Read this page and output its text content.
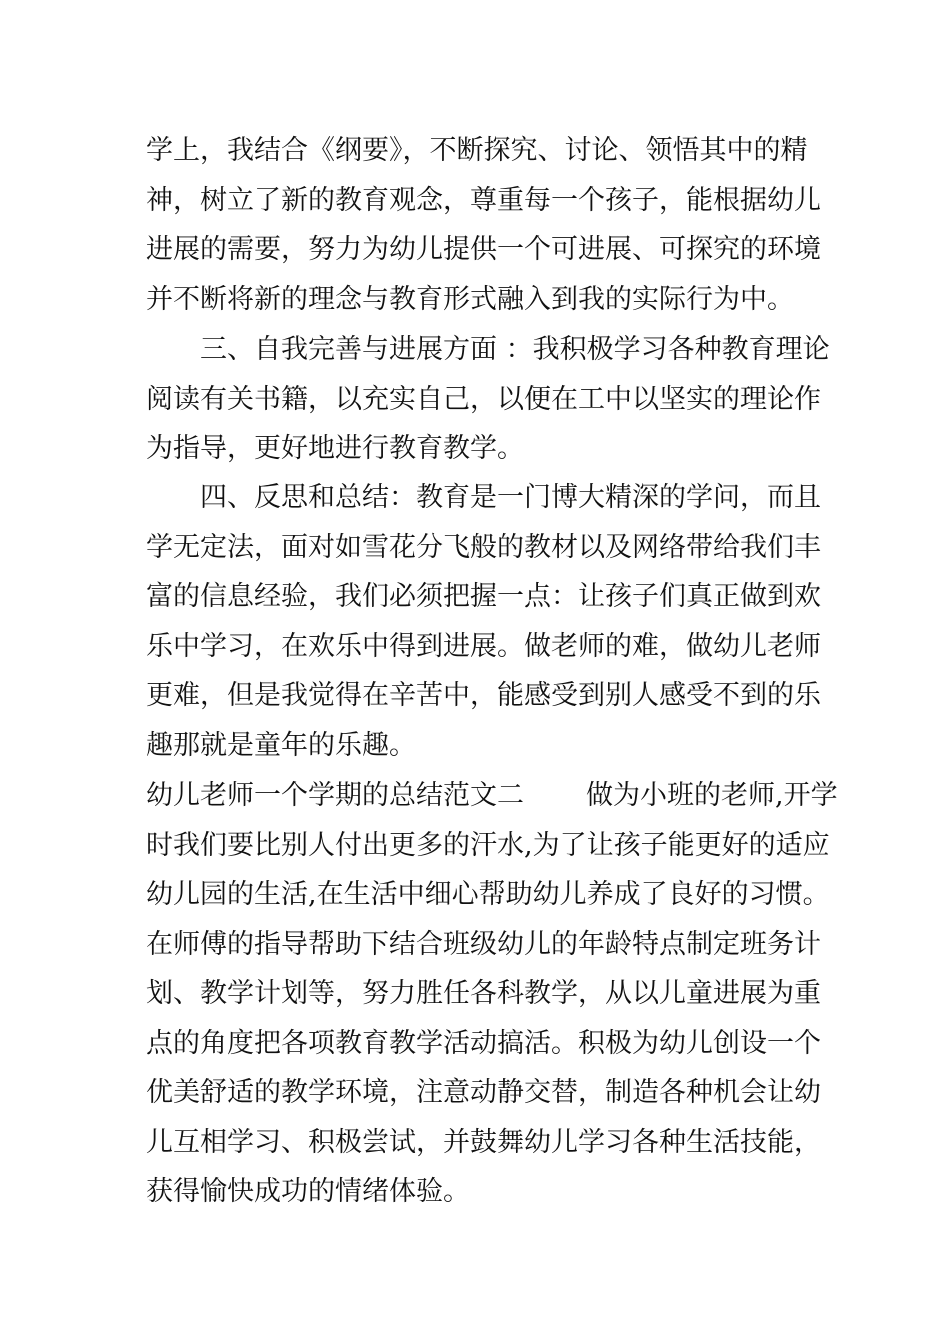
学上，我结合《纲要》，不断探究、讨论、领悟其中的精
神，树立了新的教育观念，尊重每一个孩子，能根据幼儿
进展的需要，努力为幼儿提供一个可进展、可探究的环境
并不断将新的理念与教育形式融入到我的实际行为中。
三、自我完善与进展方面 ：我积极学习各种教育理论
阅读有关书籍，以充实自己，以便在工中以坚实的理论作
为指导，更好地进行教育教学。
四、反思和总结：教育是一门博大精深的学问，而且
学无定法，面对如雪花分飞般的教材以及网络带给我们丰
富的信息经验，我们必须把握一点：让孩子们真正做到欢
乐中学习，在欢乐中得到进展。做老师的难，做幼儿老师
更难，但是我觉得在辛苦中，能感受到别人感受不到的乐
趣那就是童年的乐趣。
幼儿老师一个学期的总结范文二 做为小班的老师,开学
时我们要比别人付出更多的汗水,为了让孩子能更好的适应
幼儿园的生活,在生活中细心帮助幼儿养成了良好的习惯。
在师傅的指导帮助下结合班级幼儿的年龄特点制定班务计
划、教学计划等，努力胜任各科教学，从以儿童进展为重
点的角度把各项教育教学活动搞活。积极为幼儿创设一个
优美舒适的教学环境，注意动静交替，制造各种机会让幼
儿互相学习、积极尝试，并鼓舞幼儿学习各种生活技能，
获得愉快成功的情绪体验。
